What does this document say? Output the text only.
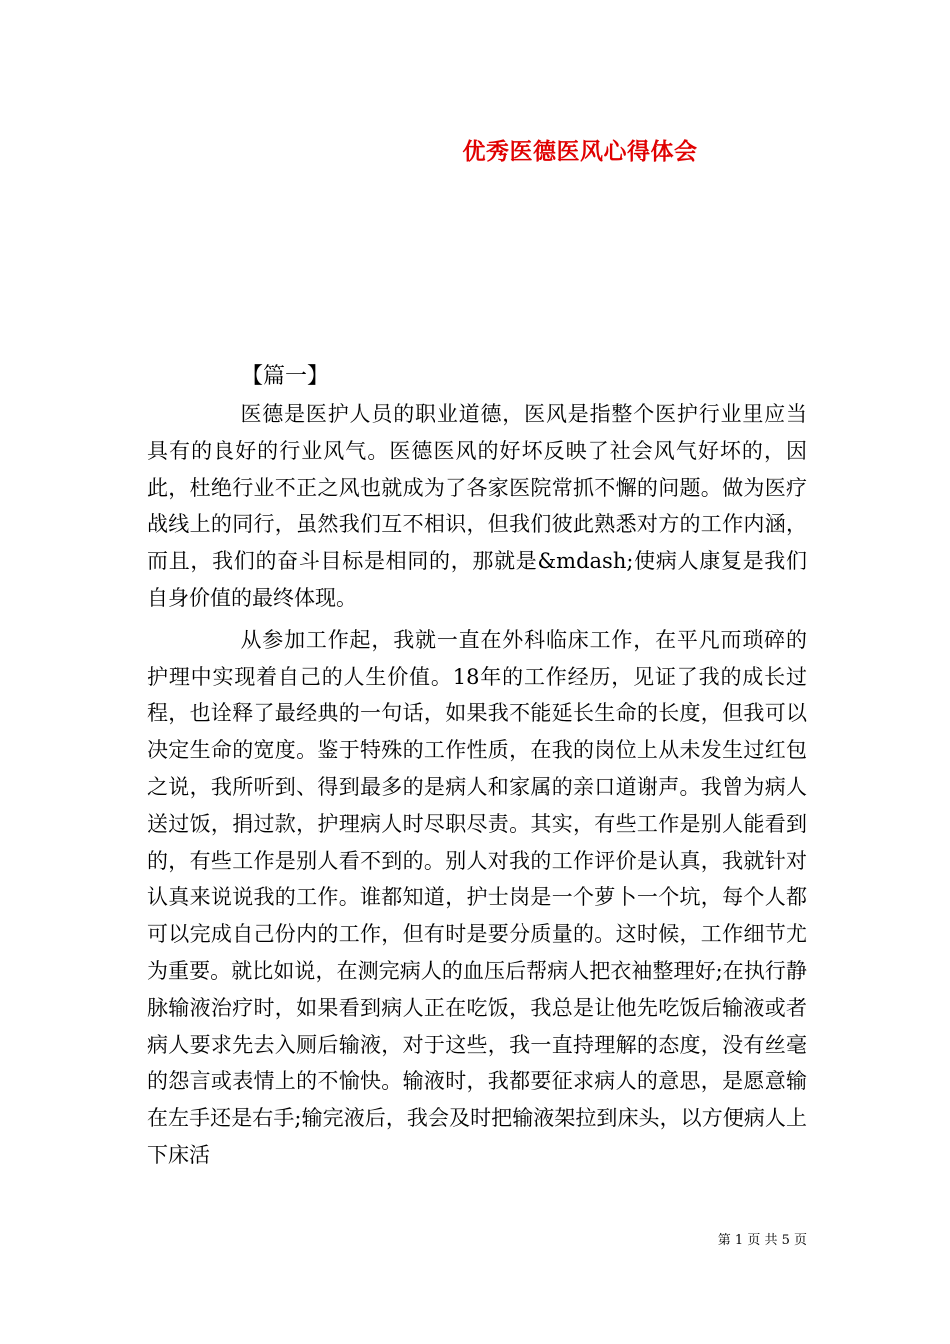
优秀医德医风心得体会
【篇一】

医德是医护人员的职业道德，医风是指整个医护行业里应当具有的良好的行业风气。医德医风的好坏反映了社会风气好坏的，因此，杜绝行业不正之风也就成为了各家医院常抓不懈的问题。做为医疗战线上的同行，虽然我们互不相识，但我们彼此熟悉对方的工作内涵，而且，我们的奋斗目标是相同的，那就是&mdash;使病人康复是我们自身价值的最终体现。

从参加工作起，我就一直在外科临床工作，在平凡而琐碎的护理中实现着自己的人生价值。18年的工作经历，见证了我的成长过程，也诠释了最经典的一句话，如果我不能延长生命的长度，但我可以决定生命的宽度。鉴于特殊的工作性质，在我的岗位上从未发生过红包之说，我所听到、得到最多的是病人和家属的亲口道谢声。我曾为病人送过饭，捐过款，护理病人时尽职尽责。其实，有些工作是别人能看到的，有些工作是别人看不到的。别人对我的工作评价是认真，我就针对认真来说说我的工作。谁都知道，护士岗是一个萝卜一个坑，每个人都可以完成自己份内的工作，但有时是要分质量的。这时候，工作细节尤为重要。就比如说，在测完病人的血压后帮病人把衣袖整理好;在执行静脉输液治疗时，如果看到病人正在吃饭，我总是让他先吃饭后输液或者病人要求先去入厕后输液，对于这些，我一直持理解的态度，没有丝毫的怨言或表情上的不愉快。输液时，我都要征求病人的意思，是愿意输在左手还是右手;输完液后，我会及时把输液架拉到床头，以方便病人上下床活

第 1 页 共 5 页
